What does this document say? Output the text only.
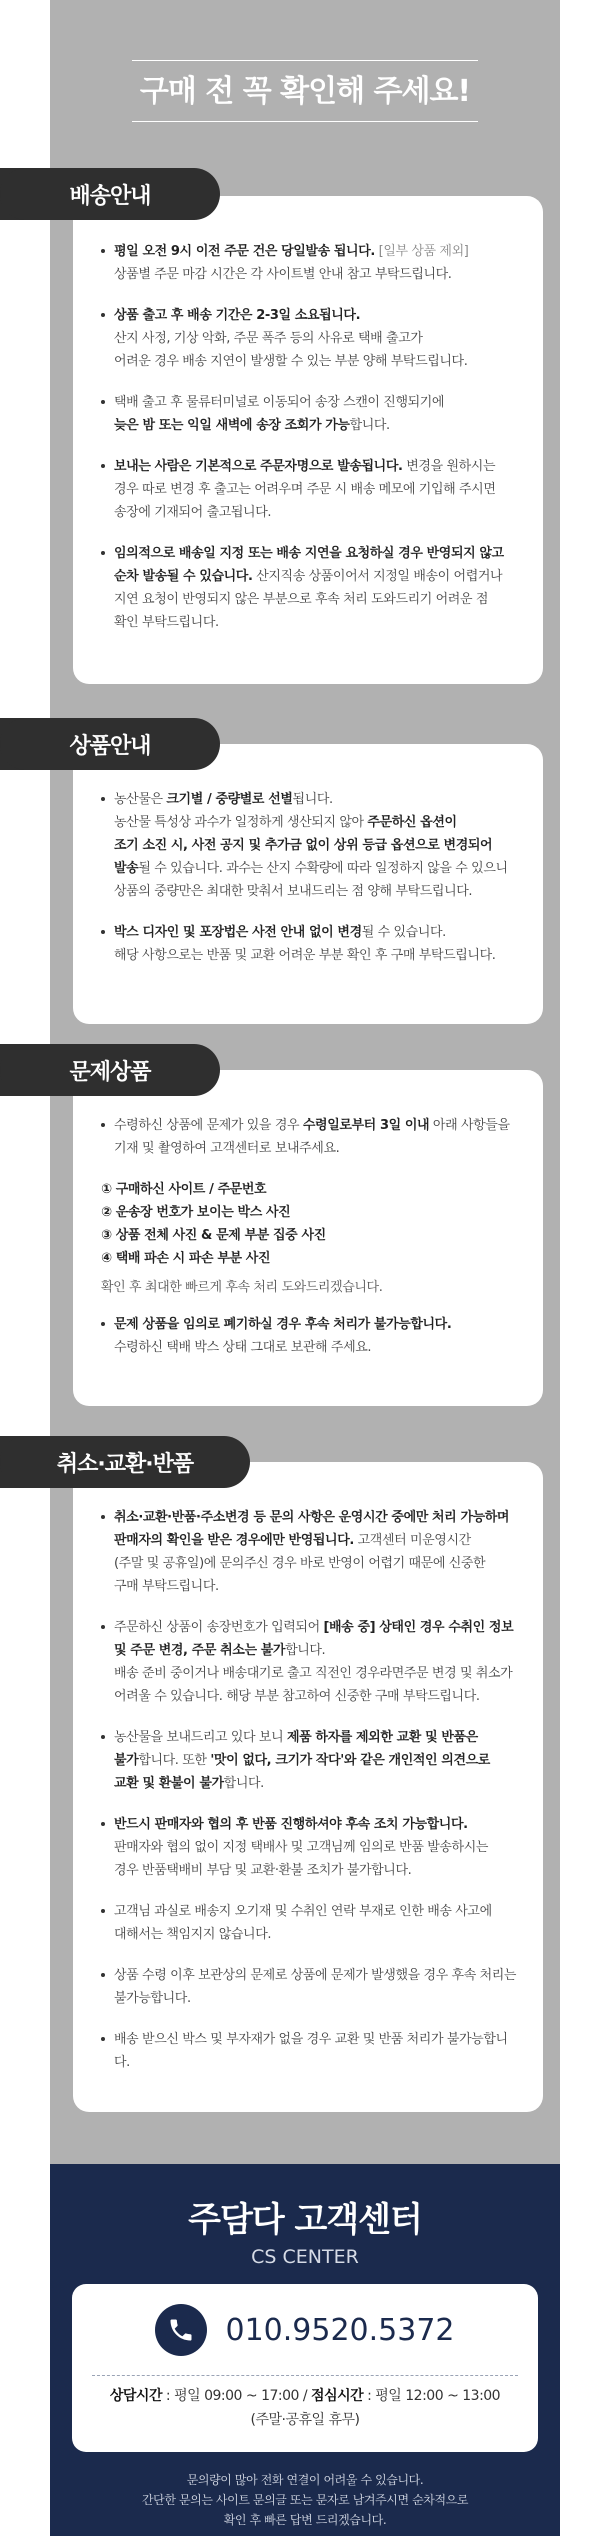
구매 전 꼭 확인해 주세요!
평일 오전 9시 이전 주문 건은 당일발송 됩니다. [일부 상품 제외]
상품별 주문 마감 시간은 각 사이트별 안내 참고 부탁드립니다.
상품 출고 후 배송 기간은 2-3일 소요됩니다.
산지 사정, 기상 악화, 주문 폭주 등의 사유로 택배 출고가
어려운 경우 배송 지연이 발생할 수 있는 부분 양해 부탁드립니다.
택배 출고 후 물류터미널로 이동되어 송장 스캔이 진행되기에
늦은 밤 또는 익일 새벽에 송장 조회가 가능합니다.
보내는 사람은 기본적으로 주문자명으로 발송됩니다. 변경을 원하시는
경우 따로 변경 후 출고는 어려우며 주문 시 배송 메모에 기입해 주시면
송장에 기재되어 출고됩니다.
임의적으로 배송일 지정 또는 배송 지연을 요청하실 경우 반영되지 않고
순차 발송될 수 있습니다. 산지직송 상품이어서 지정일 배송이 어렵거나
지연 요청이 반영되지 않은 부분으로 후속 처리 도와드리기 어려운 점
확인 부탁드립니다.
배송안내
농산물은 크기별 / 중량별로 선별됩니다.
농산물 특성상 과수가 일정하게 생산되지 않아 주문하신 옵션이
조기 소진 시, 사전 공지 및 추가금 없이 상위 등급 옵션으로 변경되어
발송될 수 있습니다. 과수는 산지 수확량에 따라 일정하지 않을 수 있으니
상품의 중량만은 최대한 맞춰서 보내드리는 점 양해 부탁드립니다.
박스 디자인 및 포장법은 사전 안내 없이 변경될 수 있습니다.
해당 사항으로는 반품 및 교환 어려운 부분 확인 후 구매 부탁드립니다.
상품안내
수령하신 상품에 문제가 있을 경우 수령일로부터 3일 이내 아래 사항들을
기재 및 촬영하여 고객센터로 보내주세요.
① 구매하신 사이트 / 주문번호
② 운송장 번호가 보이는 박스 사진
③ 상품 전체 사진 & 문제 부분 집중 사진
④ 택배 파손 시 파손 부분 사진
확인 후 최대한 빠르게 후속 처리 도와드리겠습니다.
문제 상품을 임의로 폐기하실 경우 후속 처리가 불가능합니다.
수령하신 택배 박스 상태 그대로 보관해 주세요.
문제상품
취소·교환·반품·주소변경 등 문의 사항은 운영시간 중에만 처리 가능하며
판매자의 확인을 받은 경우에만 반영됩니다. 고객센터 미운영시간
(주말 및 공휴일)에 문의주신 경우 바로 반영이 어렵기 때문에 신중한
구매 부탁드립니다.
주문하신 상품이 송장번호가 입력되어 [배송 중] 상태인 경우 수취인 정보
및 주문 변경, 주문 취소는 불가합니다.
배송 준비 중이거나 배송대기로 출고 직전인 경우라면주문 변경 및 취소가
어려울 수 있습니다. 해당 부분 참고하여 신중한 구매 부탁드립니다.
농산물을 보내드리고 있다 보니 제품 하자를 제외한 교환 및 반품은
불가합니다. 또한 '맛이 없다, 크기가 작다'와 같은 개인적인 의견으로
교환 및 환불이 불가합니다.
반드시 판매자와 협의 후 반품 진행하셔야 후속 조치 가능합니다.
판매자와 협의 없이 지정 택배사 및 고객님께 임의로 반품 발송하시는
경우 반품택배비 부담 및 교환·환불 조치가 불가합니다.
고객님 과실로 배송지 오기재 및 수취인 연락 부재로 인한 배송 사고에
대해서는 책임지지 않습니다.
상품 수령 이후 보관상의 문제로 상품에 문제가 발생했을 경우 후속 처리는
불가능합니다.
배송 받으신 박스 및 부자재가 없을 경우 교환 및 반품 처리가 불가능합니다.
취소·교환·반품
주담다 고객센터
CS CENTER
010.9520.5372
상담시간 : 평일 09:00 ~ 17:00 / 점심시간 : 평일 12:00 ~ 13:00
(주말·공휴일 휴무)
문의량이 많아 전화 연결이 어려울 수 있습니다.
간단한 문의는 사이트 문의글 또는 문자로 남겨주시면 순차적으로
확인 후 빠른 답변 드리겠습니다.
